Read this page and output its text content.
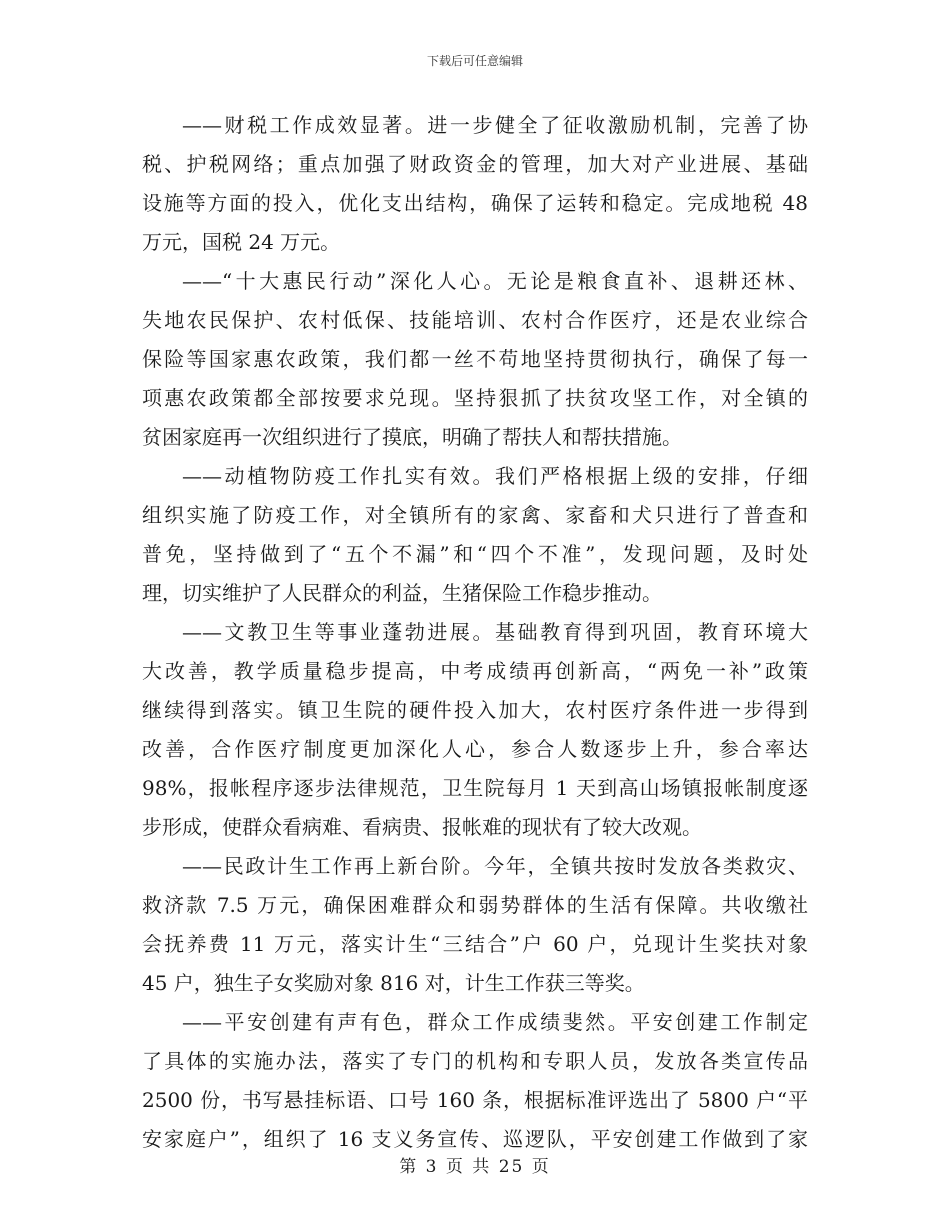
下载后可任意编辑
——财税工作成效显著。进一步健全了征收激励机制，完善了协
税、护税网络；重点加强了财政资金的管理，加大对产业进展、基础
设施等方面的投入，优化支出结构，确保了运转和稳定。完成地税 48
万元，国税 24 万元。
——“十大惠民行动”深化人心。无论是粮食直补、退耕还林、
失地农民保护、农村低保、技能培训、农村合作医疗，还是农业综合
保险等国家惠农政策，我们都一丝不苟地坚持贯彻执行，确保了每一
项惠农政策都全部按要求兑现。坚持狠抓了扶贫攻坚工作，对全镇的
贫困家庭再一次组织进行了摸底，明确了帮扶人和帮扶措施。
——动植物防疫工作扎实有效。我们严格根据上级的安排，仔细
组织实施了防疫工作，对全镇所有的家禽、家畜和犬只进行了普查和
普免，坚持做到了“五个不漏”和“四个不准”，发现问题，及时处
理，切实维护了人民群众的利益，生猪保险工作稳步推动。
——文教卫生等事业蓬勃进展。基础教育得到巩固，教育环境大
大改善，教学质量稳步提高，中考成绩再创新高，“两免一补”政策
继续得到落实。镇卫生院的硬件投入加大，农村医疗条件进一步得到
改善，合作医疗制度更加深化人心，参合人数逐步上升，参合率达
98%，报帐程序逐步法律规范，卫生院每月 1 天到高山场镇报帐制度逐
步形成，使群众看病难、看病贵、报帐难的现状有了较大改观。
——民政计生工作再上新台阶。今年，全镇共按时发放各类救灾、
救济款 7.5 万元，确保困难群众和弱势群体的生活有保障。共收缴社
会抚养费 11 万元，落实计生“三结合”户 60 户，兑现计生奖扶对象
45 户，独生子女奖励对象 816 对，计生工作获三等奖。
——平安创建有声有色，群众工作成绩斐然。平安创建工作制定
了具体的实施办法，落实了专门的机构和专职人员，发放各类宣传品
2500 份，书写悬挂标语、口号 160 条，根据标准评选出了 5800 户“平
安家庭户”，组织了 16 支义务宣传、巡逻队，平安创建工作做到了家
第 3 页 共 25 页
